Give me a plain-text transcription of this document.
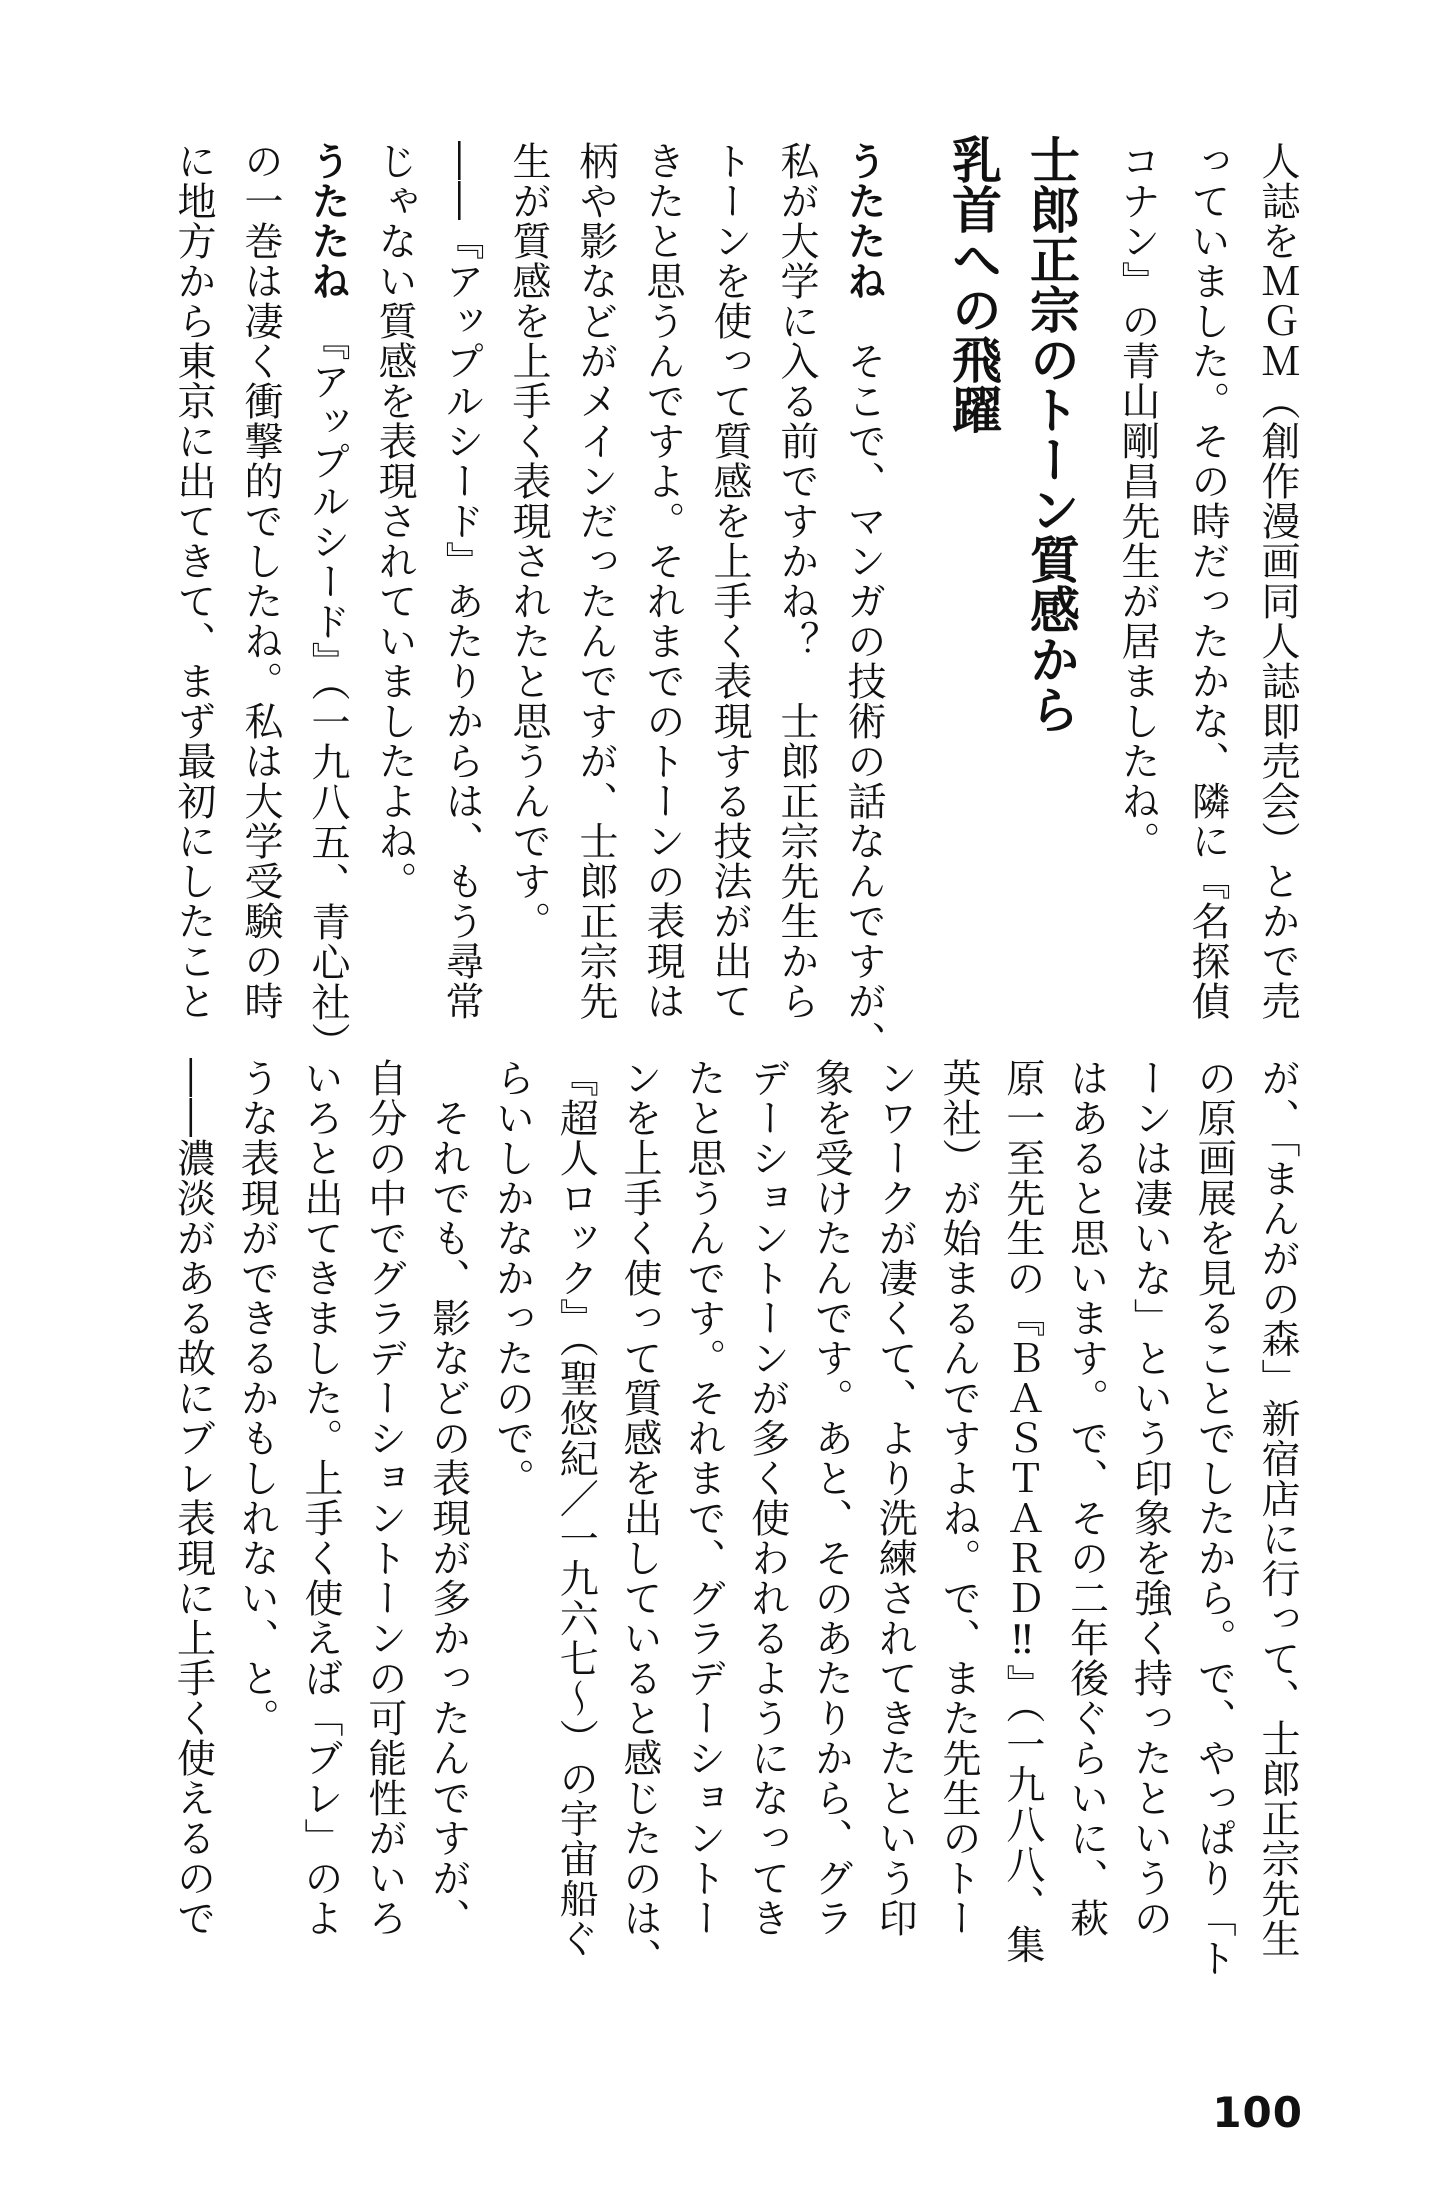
人誌をＭＧＭ（創作漫画同人誌即売会）とかで売
っていました。その時だったかな、隣に『名探偵
コナン』の青山剛昌先生が居ましたね。
士郎正宗のトーン質感から
乳首への飛躍
うたたね　そこで、マンガの技術の話なんですが、
私が大学に入る前ですかね？　士郎正宗先生から
トーンを使って質感を上手く表現する技法が出て
きたと思うんですよ。それまでのトーンの表現は
柄や影などがメインだったんですが、士郎正宗先
生が質感を上手く表現されたと思うんです。
――『アップルシード』あたりからは、もう尋常
じゃない質感を表現されていましたよね。
うたたね　『アップルシード』（一九八五、青心社）
の一巻は凄く衝撃的でしたね。私は大学受験の時
に地方から東京に出てきて、まず最初にしたこと
が、「まんがの森」新宿店に行って、士郎正宗先生
の原画展を見ることでしたから。で、やっぱり「ト
ーンは凄いな」という印象を強く持ったというの
はあると思います。で、その二年後ぐらいに、萩
原一至先生の『ＢＡＳＴＡＲＤ‼』（一九八八、集
英社）が始まるんですよね。で、また先生のトー
ンワークが凄くて、より洗練されてきたという印
象を受けたんです。あと、そのあたりから、グラ
デーショントーンが多く使われるようになってき
たと思うんです。それまで、グラデーショントー
ンを上手く使って質感を出していると感じたのは、
『超人ロック』（聖悠紀／一九六七〜）の宇宙船ぐ
らいしかなかったので。
　それでも、影などの表現が多かったんですが、
自分の中でグラデーショントーンの可能性がいろ
いろと出てきました。上手く使えば「ブレ」のよ
うな表現ができるかもしれない、と。
――濃淡がある故にブレ表現に上手く使えるので
100
